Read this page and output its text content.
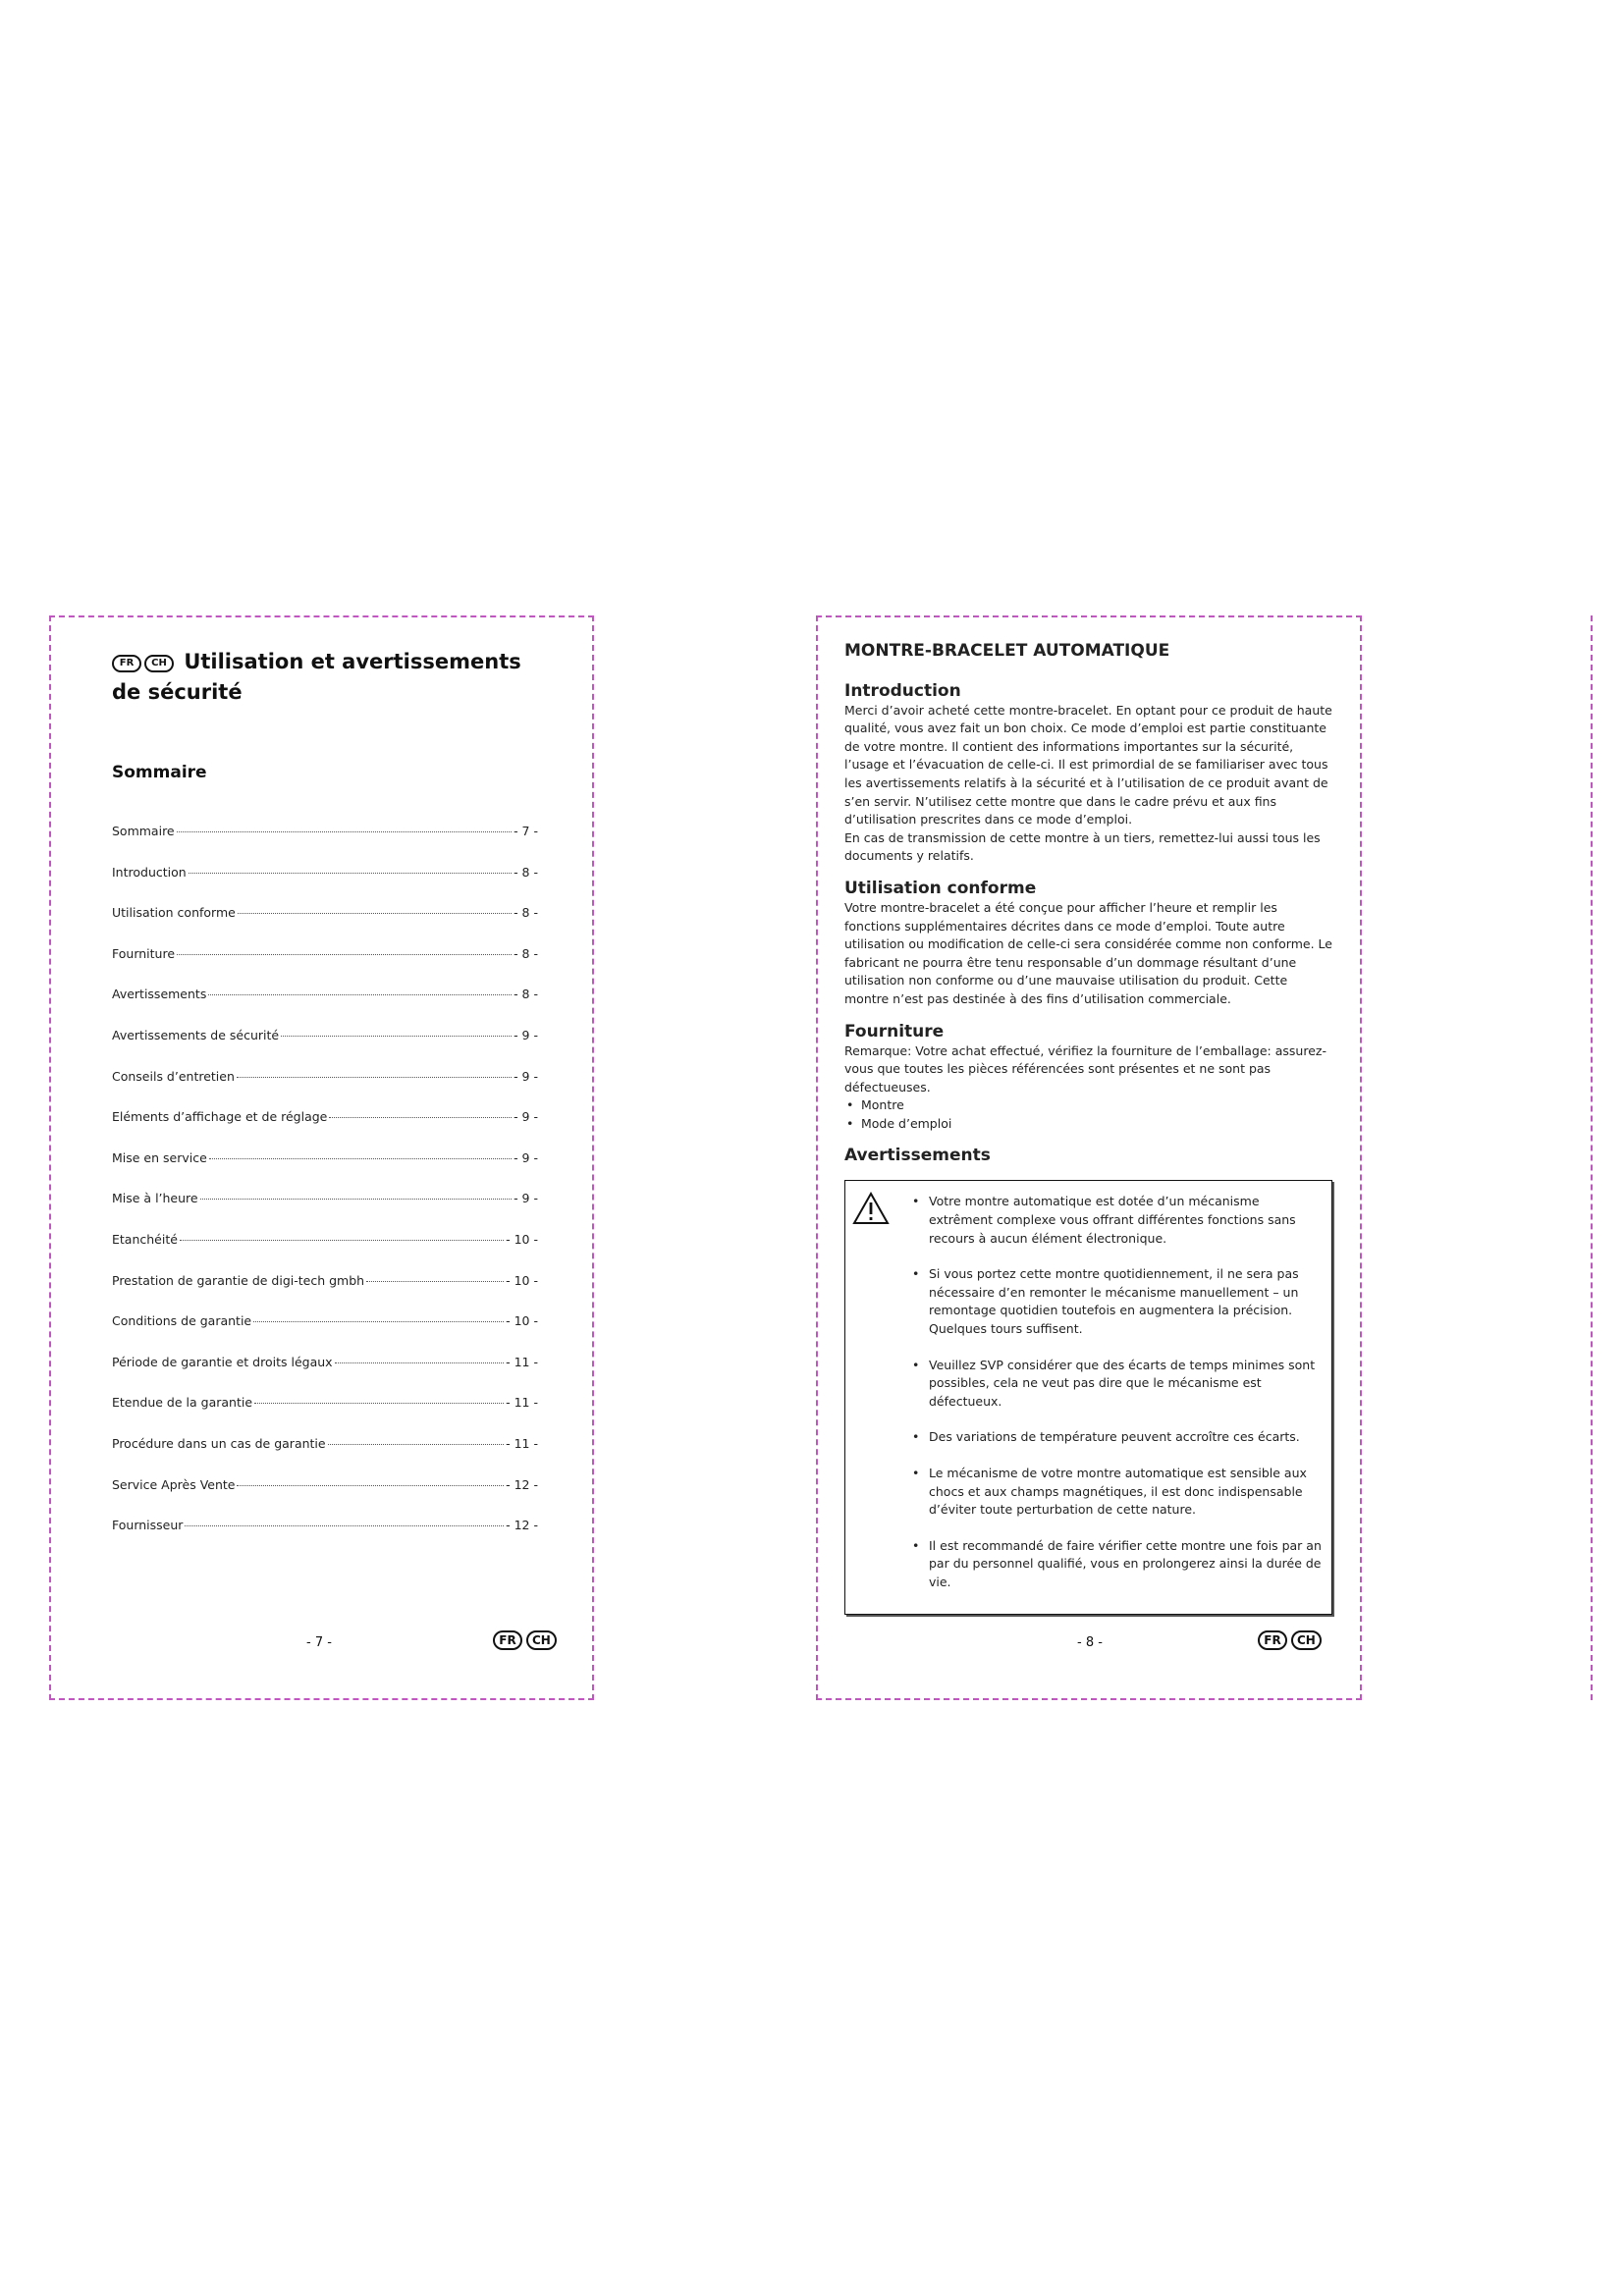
FR CH Utilisation et avertissements de sécurité
Sommaire
Sommaire	- 7 -
Introduction	- 8 -
Utilisation conforme	- 8 -
Fourniture	- 8 -
Avertissements	- 8 -
Avertissements de sécurité	- 9 -
Conseils d’entretien	- 9 -
Eléments d’affichage et de réglage	- 9 -
Mise en service	- 9 -
Mise à l’heure	- 9 -
Etanchéité	- 10 -
Prestation de garantie de digi-tech gmbh	- 10 -
Conditions de garantie	- 10 -
Période de garantie et droits légaux	- 11 -
Etendue de la garantie	- 11 -
Procédure dans un cas de garantie	- 11 -
Service Après Vente	- 12 -
Fournisseur	- 12 -
- 7 -	FR CH
MONTRE-BRACELET AUTOMATIQUE
Introduction

Merci d’avoir acheté cette montre-bracelet. En optant pour ce produit de haute qualité, vous avez fait un bon choix. Ce mode d’emploi est partie constituante de votre montre. Il contient des informations importantes sur la sécurité, l’usage et l’évacuation de celle-ci. Il est primordial de se familiariser avec tous les avertissements relatifs à la sécurité et à l’utilisation de ce produit avant de s’en servir. N’utilisez cette montre que dans le cadre prévu et aux fins d’utilisation prescrites dans ce mode d’emploi.

En cas de transmission de cette montre à un tiers, remettez-lui aussi tous les documents y relatifs.

Utilisation conforme

Votre montre-bracelet a été conçue pour afficher l’heure et remplir les fonctions supplémentaires décrites dans ce mode d’emploi. Toute autre utilisation ou modification de celle-ci sera considérée comme non conforme. Le fabricant ne pourra être tenu responsable d’un dommage résultant d’une utilisation non conforme ou d’une mauvaise utilisation du produit. Cette montre n’est pas destinée à des fins d’utilisation commerciale.

Fourniture

Remarque: Votre achat effectué, vérifiez la fourniture de l’emballage: assurez-vous que toutes les pièces référencées sont présentes et ne sont pas défectueuses.

• Montre
• Mode d’emploi
Avertissements
• Votre montre automatique est dotée d’un mécanisme extrêment complexe vous offrant différentes fonctions sans recours à aucun élément électronique.
• Si vous portez cette montre quotidiennement, il ne sera pas nécessaire d’en remonter le mécanisme manuellement – un remontage quotidien toutefois en augmentera la précision. Quelques tours suffisent.
• Veuillez SVP considérer que des écarts de temps minimes sont possibles, cela ne veut pas dire que le mécanisme est défectueux.
• Des variations de température peuvent accroître ces écarts.
• Le mécanisme de votre montre automatique est sensible aux chocs et aux champs magnétiques, il est donc indispensable d’éviter toute perturbation de cette nature.
• Il est recommandé de faire vérifier cette montre une fois par an par du personnel qualifié, vous en prolongerez ainsi la durée de vie.
- 8 -	FR CH
